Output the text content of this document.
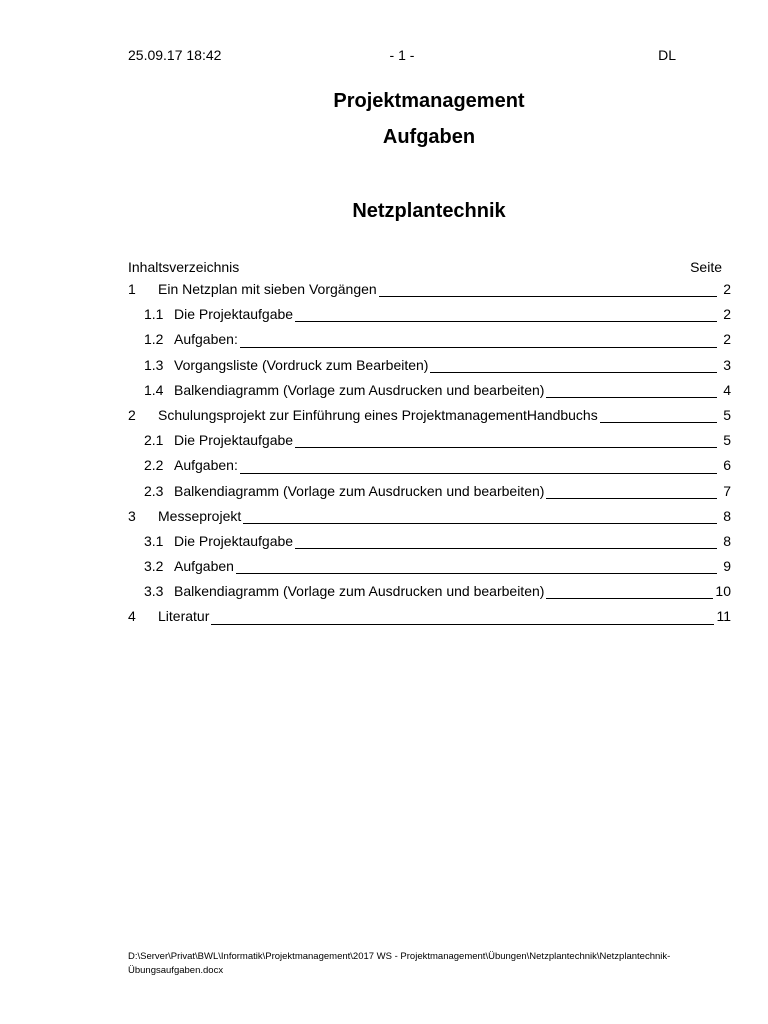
25.09.17 18:42	- 1 -	DL
Projektmanagement
Aufgaben
Netzplantechnik
Inhaltsverzeichnis	Seite
1	Ein Netzplan mit sieben Vorgängen	2
1.1 Die Projektaufgabe	2
1.2 Aufgaben:	2
1.3 Vorgangsliste (Vordruck zum Bearbeiten)	3
1.4 Balkendiagramm (Vorlage zum Ausdrucken und bearbeiten)	4
2	Schulungsprojekt zur Einführung eines ProjektmanagementHandbuchs	5
2.1 Die Projektaufgabe	5
2.2 Aufgaben:	6
2.3 Balkendiagramm (Vorlage zum Ausdrucken und bearbeiten)	7
3	Messeprojekt	8
3.1 Die Projektaufgabe	8
3.2 Aufgaben	9
3.3 Balkendiagramm (Vorlage zum Ausdrucken und bearbeiten)	10
4	Literatur	11
D:\Server\Privat\BWL\Informatik\Projektmanagement\2017 WS - Projektmanagement\Übungen\Netzplantechnik\Netzplantechnik-
Übungsaufgaben.docx
